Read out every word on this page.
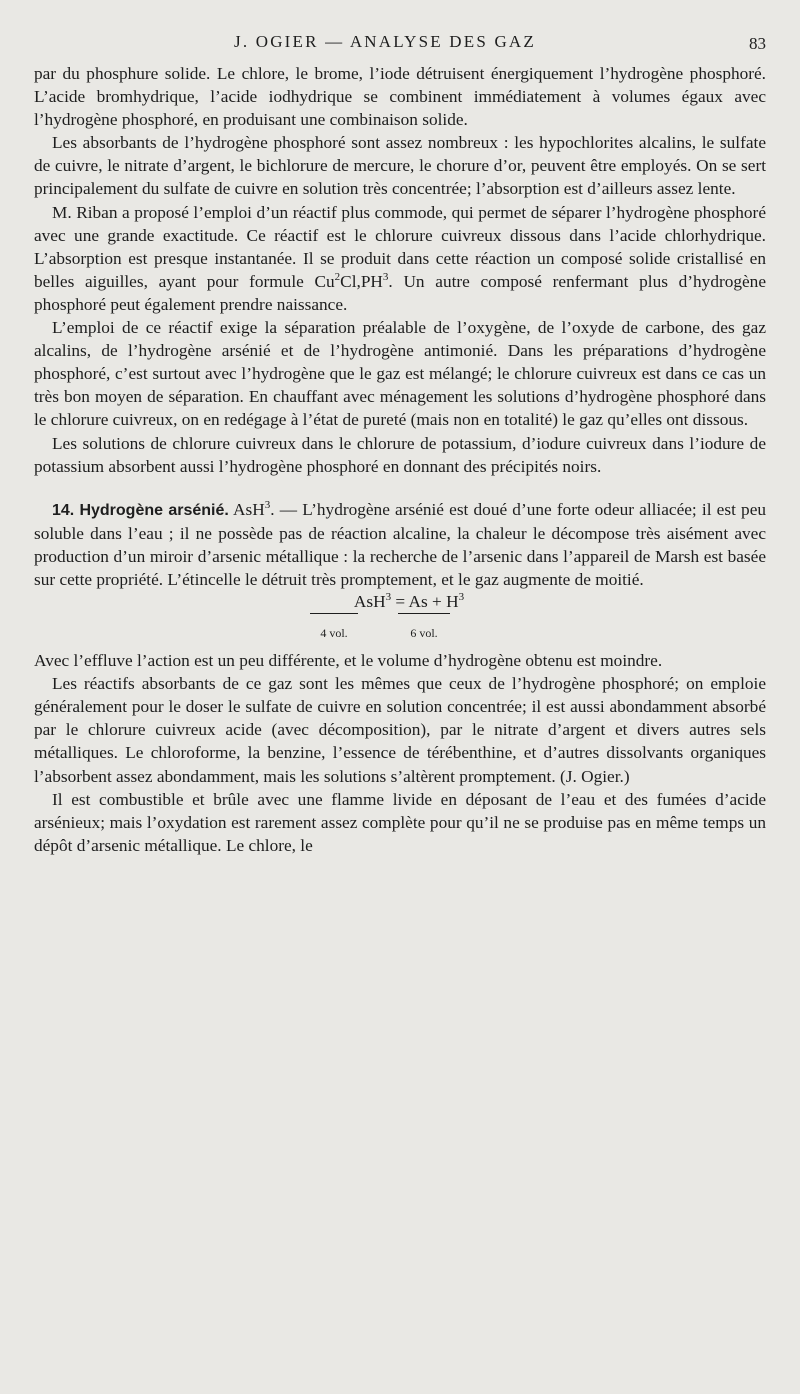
J. OGIER — ANALYSE DES GAZ	83

par du phosphure solide. Le chlore, le brome, l’iode détruisent énergiquement l’hydrogène phosphoré. L’acide bromhydrique, l’acide iodhydrique se combinent immédiatement à volumes égaux avec l’hydrogène phosphoré, en produisant une combinaison solide.

Les absorbants de l’hydrogène phosphoré sont assez nombreux : les hypochlorites alcalins, le sulfate de cuivre, le nitrate d’argent, le bichlorure de mercure, le chorure d’or, peuvent être employés. On se sert principalement du sulfate de cuivre en solution très concentrée; l’absorption est d’ailleurs assez lente.

M. Riban a proposé l’emploi d’un réactif plus commode, qui permet de séparer l’hydrogène phosphoré avec une grande exactitude. Ce réactif est le chlorure cuivreux dissous dans l’acide chlorhydrique. L’absorption est presque instantanée. Il se produit dans cette réaction un composé solide cristallisé en belles aiguilles, ayant pour formule $Cu^2Cl,PH^3$. Un autre composé renfermant plus d’hydrogène phosphoré peut également prendre naissance.

L’emploi de ce réactif exige la séparation préalable de l’oxygène, de l’oxyde de carbone, des gaz alcalins, de l’hydrogène arsénié et de l’hydrogène antimonié. Dans les préparations d’hydrogène phosphoré, c’est surtout avec l’hydrogène que le gaz est mélangé; le chlorure cuivreux est dans ce cas un très bon moyen de séparation. En chauffant avec ménagement les solutions d’hydrogène phosphoré dans le chlorure cuivreux, on en redégage à l’état de pureté (mais non en totalité) le gaz qu’elles ont dissous.

Les solutions de chlorure cuivreux dans le chlorure de potassium, d’iodure cuivreux dans l’iodure de potassium absorbent aussi l’hydrogène phosphoré en donnant des précipités noirs.

14. Hydrogène arsénié. AsH$^3$. — L’hydrogène arsénié est doué d’une forte odeur alliacée; il est peu soluble dans l’eau ; il ne possède pas de réaction alcaline, la chaleur le décompose très aisément avec production d’un miroir d’arsenic métallique : la recherche de l’arsenic dans l’appareil de Marsh est basée sur cette propriété. L’étincelle le détruit très promptement, et le gaz augmente de moitié.

$AsH^3 = As + H^3$

4 vol.	6 vol.

Avec l’effluve l’action est un peu différente, et le volume d’hydrogène obtenu est moindre.

Les réactifs absorbants de ce gaz sont les mêmes que ceux de l’hydrogène phosphoré; on emploie généralement pour le doser le sulfate de cuivre en solution concentrée; il est aussi abondamment absorbé par le chlorure cuivreux acide (avec décomposition), par le nitrate d’argent et divers autres sels métalliques. Le chloroforme, la benzine, l’essence de térébenthine, et d’autres dissolvants organiques l’absorbent assez abondamment, mais les solutions s’altèrent promptement. (J. Ogier.)

Il est combustible et brûle avec une flamme livide en déposant de l’eau et des fumées d’acide arsénieux; mais l’oxydation est rarement assez complète pour qu’il ne se produise pas en même temps un dépôt d’arsenic métallique. Le chlore, le
